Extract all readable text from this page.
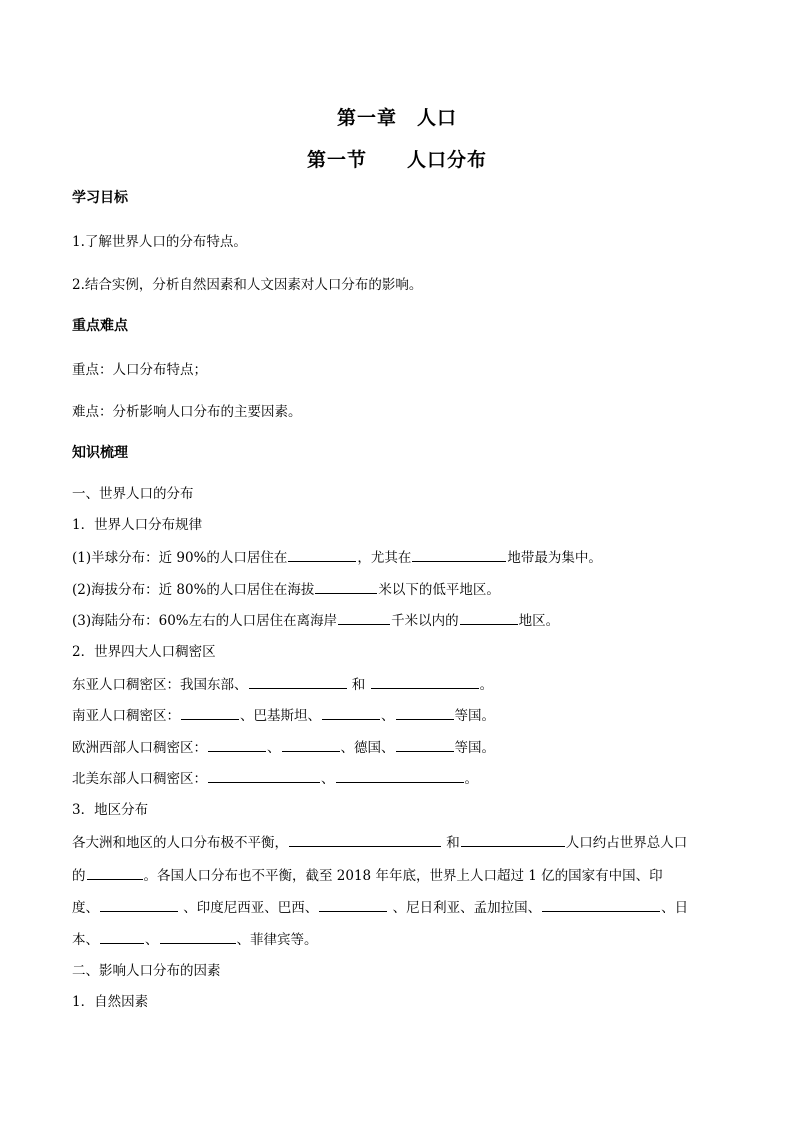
第一章　人口
第一节　　人口分布
学习目标
1.了解世界人口的分布特点。
2.结合实例，分析自然因素和人文因素对人口分布的影响。
重点难点
重点：人口分布特点；
难点：分析影响人口分布的主要因素。
知识梳理
一、世界人口的分布
1．世界人口分布规律
(1)半球分布：近 90%的人口居住在	，尤其在	地带最为集中。
(2)海拔分布：近 80%的人口居住在海拔	米以下的低平地区。
(3)海陆分布：60%左右的人口居住在离海岸	千米以内的	地区。
2．世界四大人口稠密区
东亚人口稠密区：我国东部、	和	。
南亚人口稠密区：	、巴基斯坦、	、	等国。
欧洲西部人口稠密区：	、	、德国、	等国。
北美东部人口稠密区：	、	。
3．地区分布
各大洲和地区的人口分布极不平衡，	和	人口约占世界总人口
的	。各国人口分布也不平衡，截至 2018 年年底，世界上人口超过 1 亿的国家有中国、印
度、	、印度尼西亚、巴西、	、尼日利亚、孟加拉国、	、日
本、	、	、菲律宾等。
二、影响人口分布的因素
1．自然因素
